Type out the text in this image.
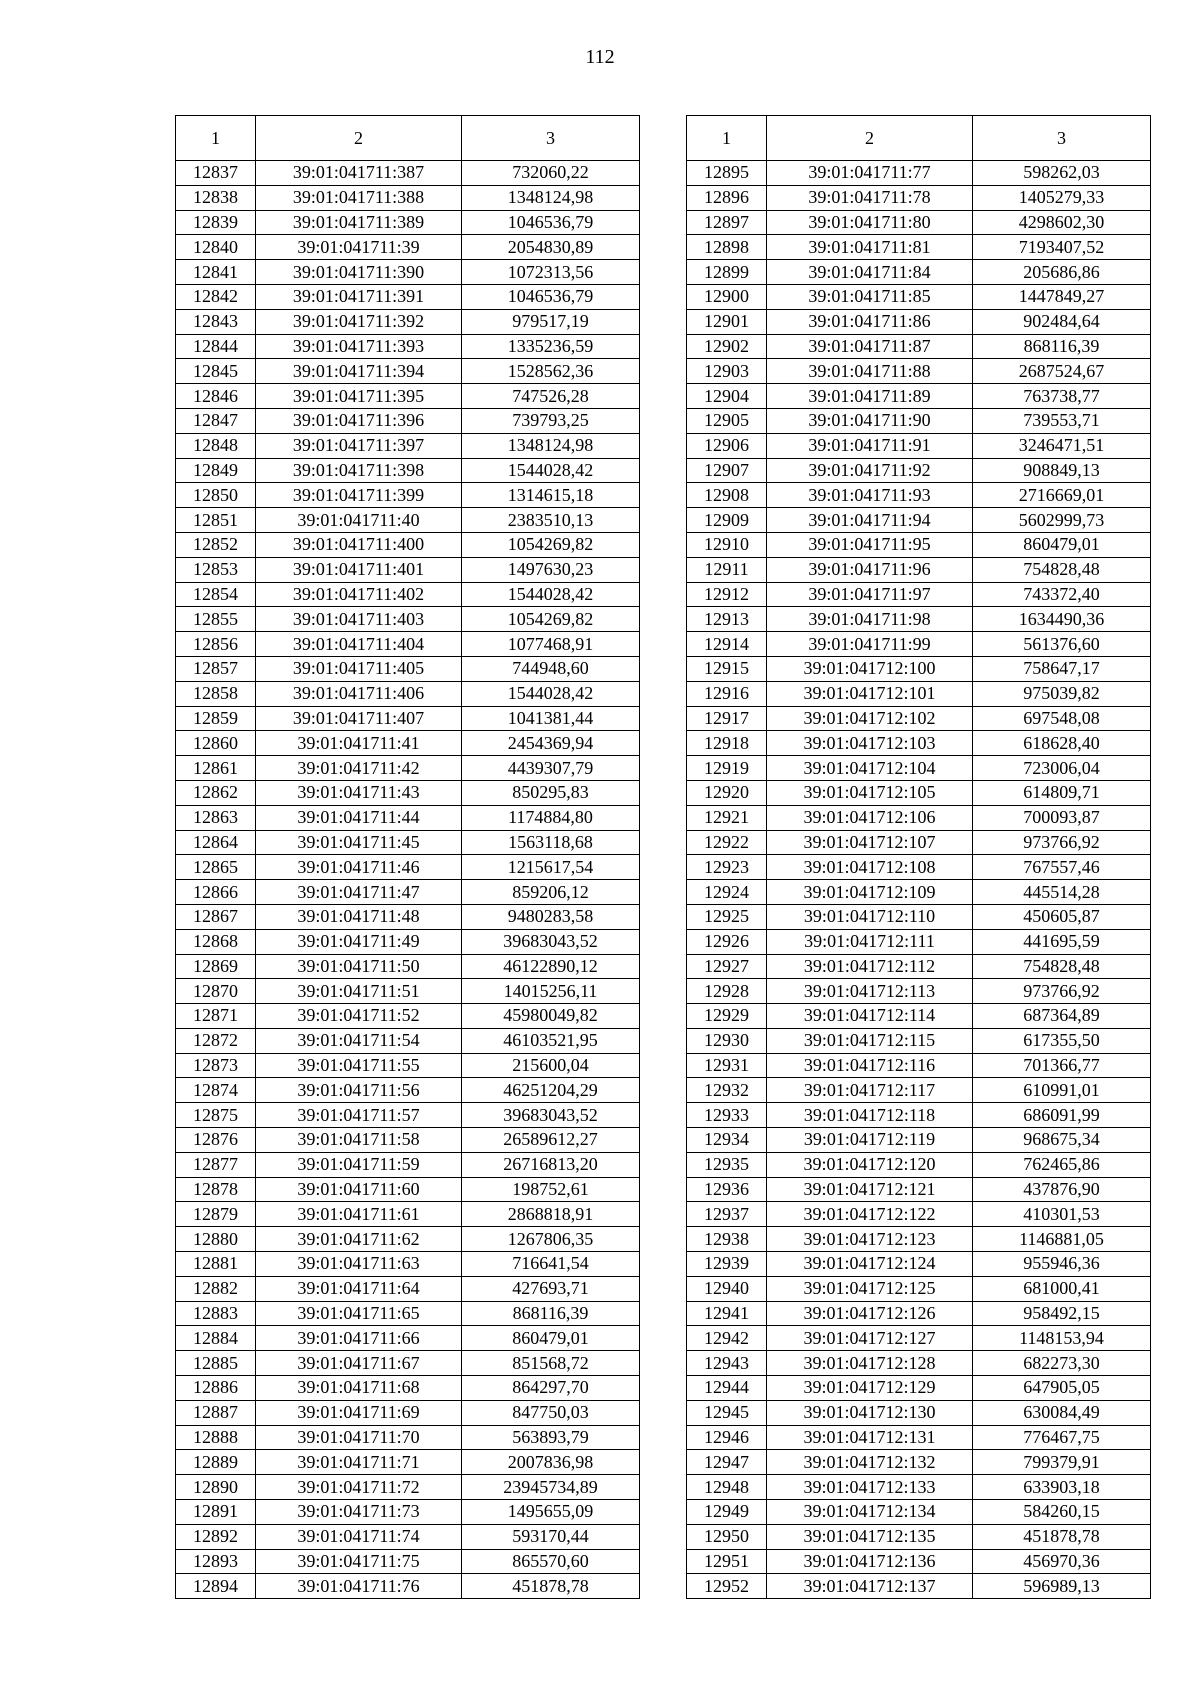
112
1	2	3
12837	39:01:041711:387	732060,22
12838	39:01:041711:388	1348124,98
12839	39:01:041711:389	1046536,79
12840	39:01:041711:39	2054830,89
12841	39:01:041711:390	1072313,56
12842	39:01:041711:391	1046536,79
12843	39:01:041711:392	979517,19
12844	39:01:041711:393	1335236,59
12845	39:01:041711:394	1528562,36
12846	39:01:041711:395	747526,28
12847	39:01:041711:396	739793,25
12848	39:01:041711:397	1348124,98
12849	39:01:041711:398	1544028,42
12850	39:01:041711:399	1314615,18
12851	39:01:041711:40	2383510,13
12852	39:01:041711:400	1054269,82
12853	39:01:041711:401	1497630,23
12854	39:01:041711:402	1544028,42
12855	39:01:041711:403	1054269,82
12856	39:01:041711:404	1077468,91
12857	39:01:041711:405	744948,60
12858	39:01:041711:406	1544028,42
12859	39:01:041711:407	1041381,44
12860	39:01:041711:41	2454369,94
12861	39:01:041711:42	4439307,79
12862	39:01:041711:43	850295,83
12863	39:01:041711:44	1174884,80
12864	39:01:041711:45	1563118,68
12865	39:01:041711:46	1215617,54
12866	39:01:041711:47	859206,12
12867	39:01:041711:48	9480283,58
12868	39:01:041711:49	39683043,52
12869	39:01:041711:50	46122890,12
12870	39:01:041711:51	14015256,11
12871	39:01:041711:52	45980049,82
12872	39:01:041711:54	46103521,95
12873	39:01:041711:55	215600,04
12874	39:01:041711:56	46251204,29
12875	39:01:041711:57	39683043,52
12876	39:01:041711:58	26589612,27
12877	39:01:041711:59	26716813,20
12878	39:01:041711:60	198752,61
12879	39:01:041711:61	2868818,91
12880	39:01:041711:62	1267806,35
12881	39:01:041711:63	716641,54
12882	39:01:041711:64	427693,71
12883	39:01:041711:65	868116,39
12884	39:01:041711:66	860479,01
12885	39:01:041711:67	851568,72
12886	39:01:041711:68	864297,70
12887	39:01:041711:69	847750,03
12888	39:01:041711:70	563893,79
12889	39:01:041711:71	2007836,98
12890	39:01:041711:72	23945734,89
12891	39:01:041711:73	1495655,09
12892	39:01:041711:74	593170,44
12893	39:01:041711:75	865570,60
12894	39:01:041711:76	451878,78
1	2	3
12895	39:01:041711:77	598262,03
12896	39:01:041711:78	1405279,33
12897	39:01:041711:80	4298602,30
12898	39:01:041711:81	7193407,52
12899	39:01:041711:84	205686,86
12900	39:01:041711:85	1447849,27
12901	39:01:041711:86	902484,64
12902	39:01:041711:87	868116,39
12903	39:01:041711:88	2687524,67
12904	39:01:041711:89	763738,77
12905	39:01:041711:90	739553,71
12906	39:01:041711:91	3246471,51
12907	39:01:041711:92	908849,13
12908	39:01:041711:93	2716669,01
12909	39:01:041711:94	5602999,73
12910	39:01:041711:95	860479,01
12911	39:01:041711:96	754828,48
12912	39:01:041711:97	743372,40
12913	39:01:041711:98	1634490,36
12914	39:01:041711:99	561376,60
12915	39:01:041712:100	758647,17
12916	39:01:041712:101	975039,82
12917	39:01:041712:102	697548,08
12918	39:01:041712:103	618628,40
12919	39:01:041712:104	723006,04
12920	39:01:041712:105	614809,71
12921	39:01:041712:106	700093,87
12922	39:01:041712:107	973766,92
12923	39:01:041712:108	767557,46
12924	39:01:041712:109	445514,28
12925	39:01:041712:110	450605,87
12926	39:01:041712:111	441695,59
12927	39:01:041712:112	754828,48
12928	39:01:041712:113	973766,92
12929	39:01:041712:114	687364,89
12930	39:01:041712:115	617355,50
12931	39:01:041712:116	701366,77
12932	39:01:041712:117	610991,01
12933	39:01:041712:118	686091,99
12934	39:01:041712:119	968675,34
12935	39:01:041712:120	762465,86
12936	39:01:041712:121	437876,90
12937	39:01:041712:122	410301,53
12938	39:01:041712:123	1146881,05
12939	39:01:041712:124	955946,36
12940	39:01:041712:125	681000,41
12941	39:01:041712:126	958492,15
12942	39:01:041712:127	1148153,94
12943	39:01:041712:128	682273,30
12944	39:01:041712:129	647905,05
12945	39:01:041712:130	630084,49
12946	39:01:041712:131	776467,75
12947	39:01:041712:132	799379,91
12948	39:01:041712:133	633903,18
12949	39:01:041712:134	584260,15
12950	39:01:041712:135	451878,78
12951	39:01:041712:136	456970,36
12952	39:01:041712:137	596989,13
